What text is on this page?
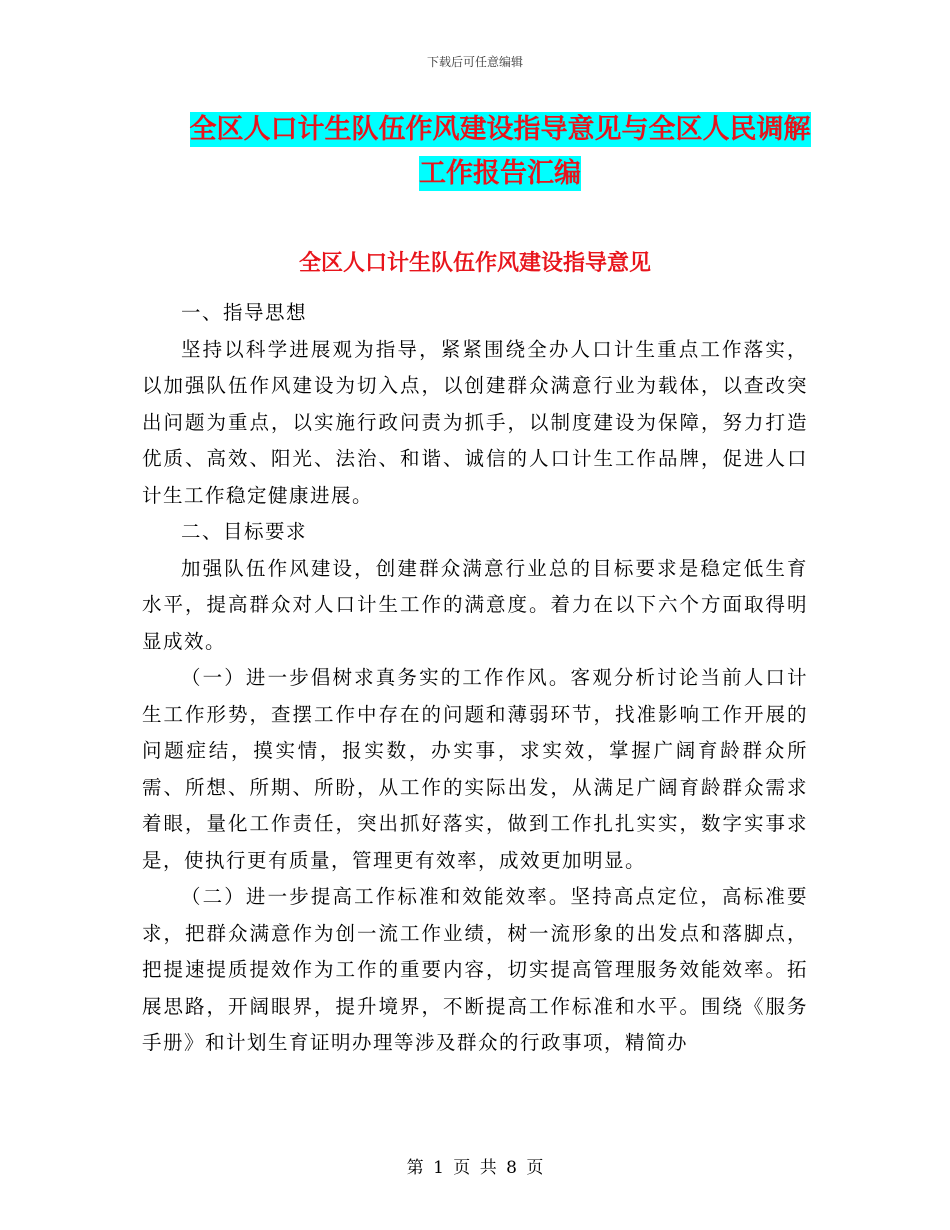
下载后可任意编辑
全区人口计生队伍作风建设指导意见与全区人民调解
工作报告汇编
全区人口计生队伍作风建设指导意见

一、指导思想

坚持以科学进展观为指导，紧紧围绕全办人口计生重点工作落实，以加强队伍作风建设为切入点，以创建群众满意行业为载体，以查改突出问题为重点，以实施行政问责为抓手，以制度建设为保障，努力打造优质、高效、阳光、法治、和谐、诚信的人口计生工作品牌，促进人口计生工作稳定健康进展。

二、目标要求

加强队伍作风建设，创建群众满意行业总的目标要求是稳定低生育水平，提高群众对人口计生工作的满意度。着力在以下六个方面取得明显成效。

（一）进一步倡树求真务实的工作作风。客观分析讨论当前人口计生工作形势，查摆工作中存在的问题和薄弱环节，找准影响工作开展的问题症结，摸实情，报实数，办实事，求实效，掌握广阔育龄群众所需、所想、所期、所盼，从工作的实际出发，从满足广阔育龄群众需求着眼，量化工作责任，突出抓好落实，做到工作扎扎实实，数字实事求是，使执行更有质量，管理更有效率，成效更加明显。

（二）进一步提高工作标准和效能效率。坚持高点定位，高标准要求，把群众满意作为创一流工作业绩，树一流形象的出发点和落脚点，把提速提质提效作为工作的重要内容，切实提高管理服务效能效率。拓展思路，开阔眼界，提升境界，不断提高工作标准和水平。围绕《服务手册》和计划生育证明办理等涉及群众的行政事项，精简办

第 1 页 共 8 页
